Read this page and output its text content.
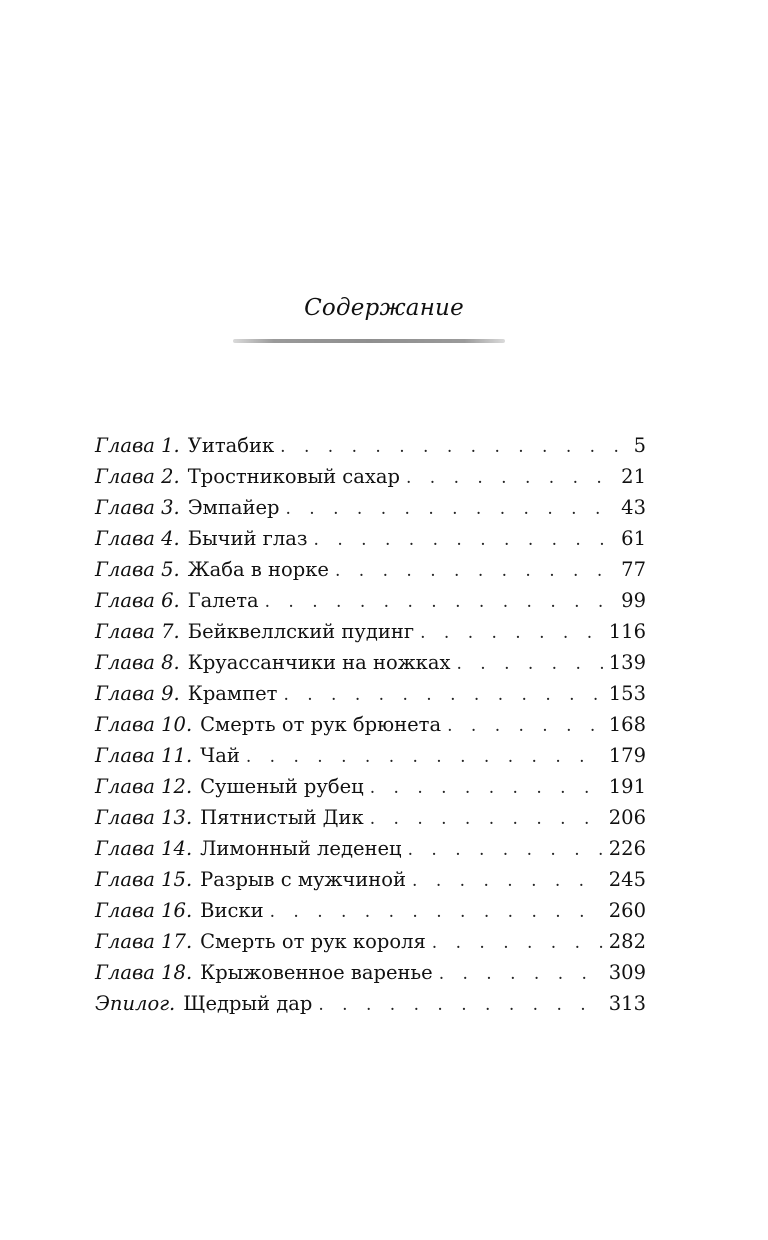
Содержание
Глава 1. Уитабик . . .	5
Глава 2. Тростниковый сахар . . .	21
Глава 3. Эмпайер . . .	43
Глава 4. Бычий глаз . . .	61
Глава 5. Жаба в норке . . .	77
Глава 6. Галета . . .	99
Глава 7. Бейквеллский пудинг . . .	116
Глава 8. Круассанчики на ножках . . .	139
Глава 9. Крампет . . .	153
Глава 10. Смерть от рук брюнета . . .	168
Глава 11. Чай . . .	179
Глава 12. Сушеный рубец . . .	191
Глава 13. Пятнистый Дик . . .	206
Глава 14. Лимонный леденец . . .	226
Глава 15. Разрыв с мужчиной . . .	245
Глава 16. Виски . . .	260
Глава 17. Смерть от рук короля . . .	282
Глава 18. Крыжовенное варенье . . .	309
Эпилог. Щедрый дар . . .	313
